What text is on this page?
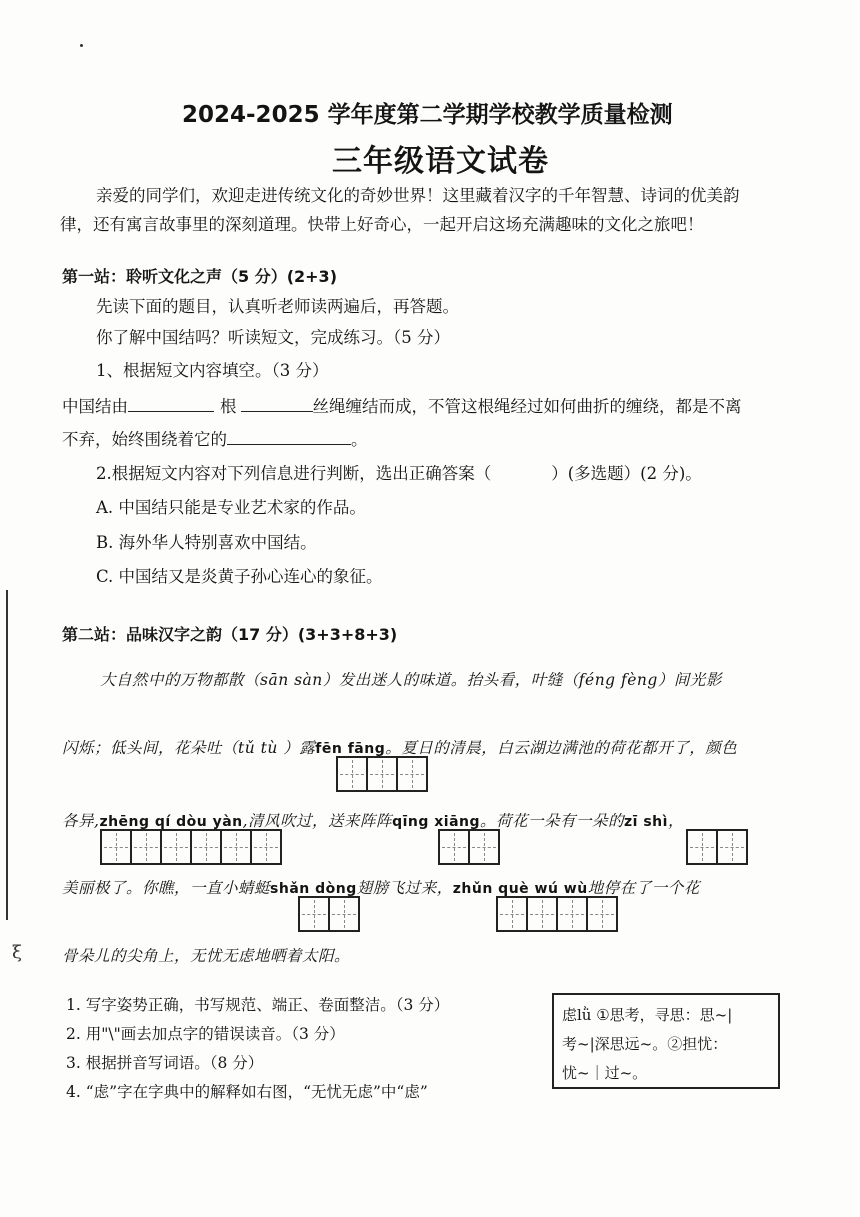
ξ
2024-2025 学年度第二学期学校教学质量检测
三年级语文试卷
亲爱的同学们，欢迎走进传统文化的奇妙世界！这里藏着汉字的千年智慧、诗词的优美韵
律，还有寓言故事里的深刻道理。快带上好奇心，一起开启这场充满趣味的文化之旅吧！
第一站：聆听文化之声（5 分）(2+3)
先读下面的题目，认真听老师读两遍后，再答题。
你了解中国结吗？听读短文，完成练习。（5 分）
1、根据短文内容填空。（3 分）
中国结由	根	丝绳缠结而成，不管这根绳经过如何曲折的缠绕，都是不离
不弃，始终围绕着它的	。
2.根据短文内容对下列信息进行判断，选出正确答案（	）(多选题）(2 分)。
A. 中国结只能是专业艺术家的作品。
B. 海外华人特别喜欢中国结。
C. 中国结又是炎黄子孙心连心的象征。
第二站：品味汉字之韵（17 分）(3+3+8+3)
大自然中的万物都散（sān sàn）发出迷人的味道。抬头看，叶缝（féng fèng）间光影
闪烁；低头间，花朵吐（tǔ tù ）露fēn fāng。夏日的清晨，白云湖边满池的荷花都开了，颜色
各异,zhēng qí dòu yàn,清风吹过，送来阵阵qīng xiāng。荷花一朵有一朵的zī shì，
美丽极了。你瞧，一直小蜻蜓shǎn dòng翅膀飞过来，zhǔn què wú wù地停在了一个花
骨朵儿的尖角上，无忧无虑地晒着太阳。
1. 写字姿势正确，书写规范、端正、卷面整洁。（3 分）
2. 用"\"画去加点字的错误读音。（3 分）
3. 根据拼音写词语。（8 分）
4. “虑”字在字典中的解释如右图，“无忧无虑”中“虑”
虑lǜ ①思考，寻思：思~|
考~|深思远~。②担忧：
忧~｜过~。
